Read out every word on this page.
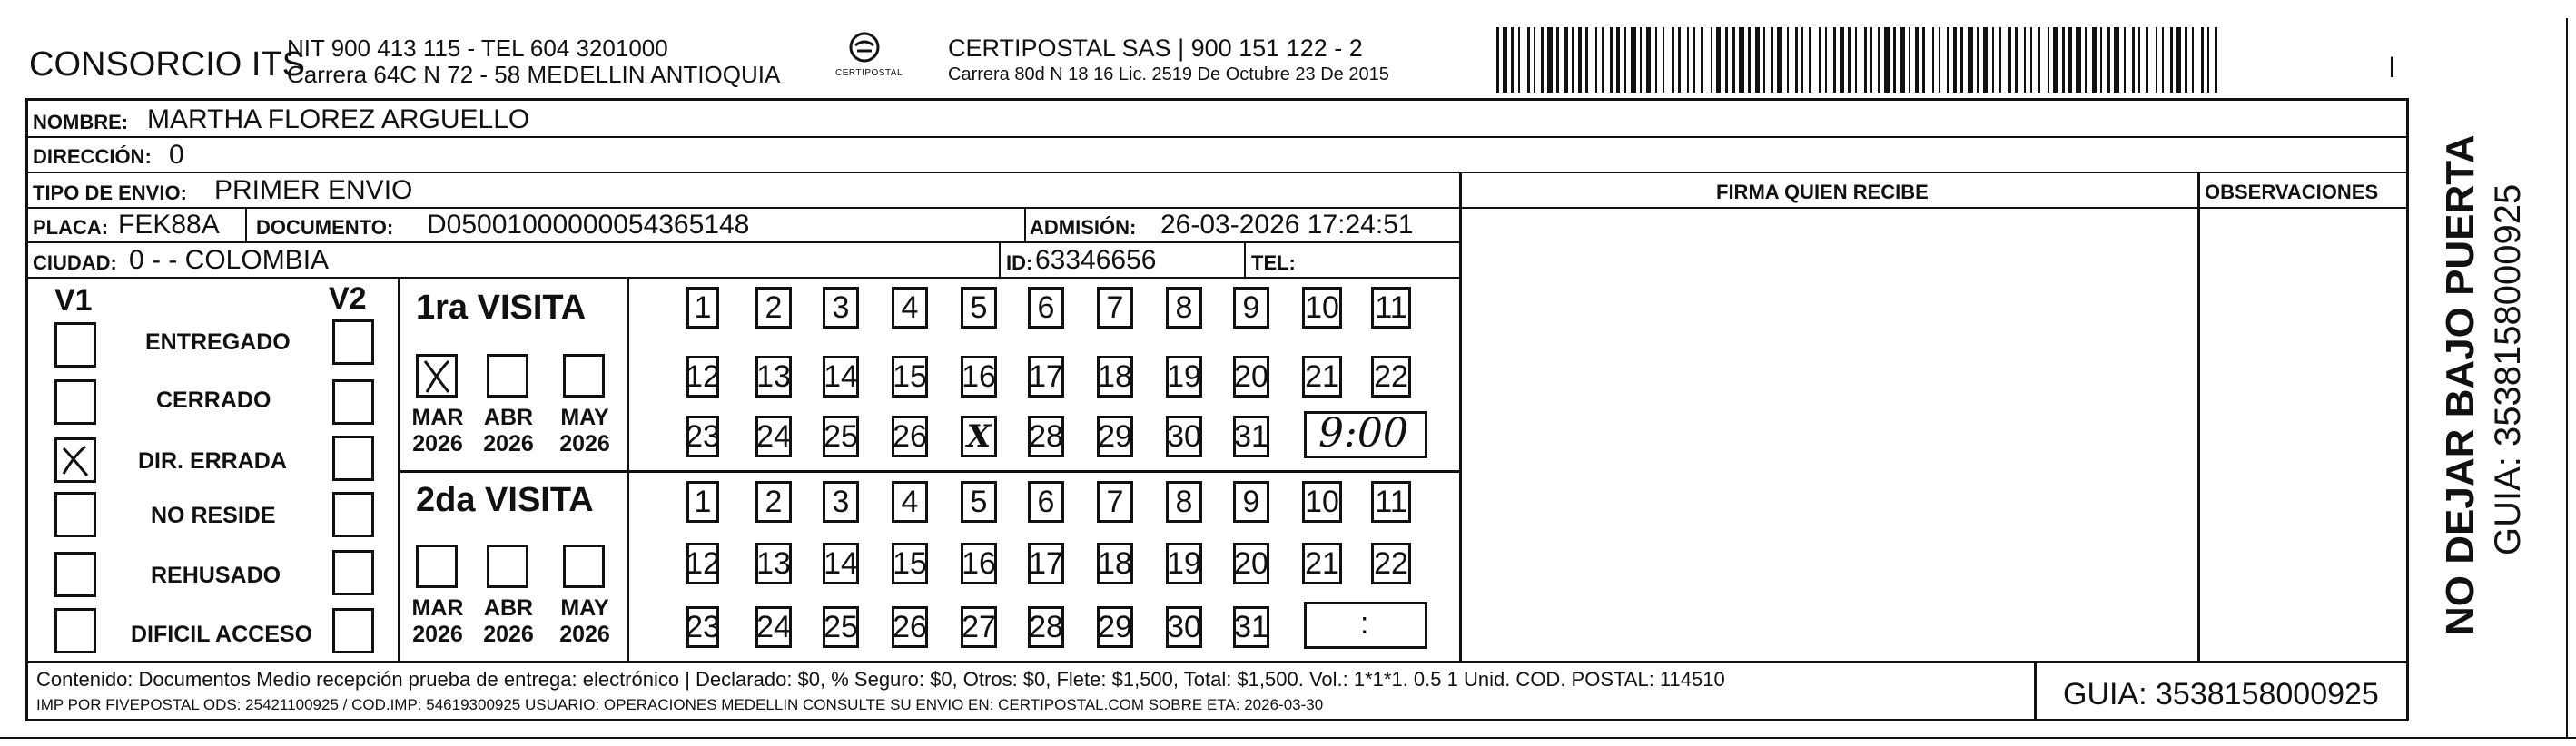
CONSORCIO ITS
NIT 900 413 115 - TEL 604 3201000
Carrera 64C N 72 - 58 MEDELLIN ANTIOQUIA	CERTIPOSTAL
CERTIPOSTAL SAS | 900 151 122 - 2
Carrera 80d N 18 16 Lic. 2519 De Octubre 23 De 2015	I
NOMBRE: MARTHA FLOREZ ARGUELLO
DIRECCIÓN: 0
TIPO DE ENVIO: PRIMER ENVIO	FIRMA QUIEN RECIBE	OBSERVACIONES
PLACA: FEK88A DOCUMENTO: D05001000000054365148	ADMISIÓN: 26-03-2026 17:24:51
CIUDAD: 0 - - COLOMBIA	ID: 63346656	TEL:
V1	V2
ENTREGADO
CERRADO
DIR. ERRADA
NO RESIDE
REHUSADO
DIFICIL ACCESO
1ra VISITA
MAR
2026
ABR
2026
MAY
2026
1	2	3	4	5	6	7	8	9	10 11
12 13 14 15 16 17 18 19 20 21 22
23 24 25 26 X 28 29 30 31 9:00
2da VISITA
MAR
2026
ABR
2026
MAY
2026
1	2	3	4	5	6	7	8	9	10 11
12 13 14 15 16 17 18 19 20 21 22
23 24 25 26 27 28 29 30 31	:
Contenido: Documentos Medio recepción prueba de entrega: electrónico | Declarado: $0, % Seguro: $0, Otros: $0, Flete: $1,500, Total: $1,500. Vol.: 1*1*1. 0.5 1 Unid. COD. POSTAL: 114510
IMP POR FIVEPOSTAL ODS: 25421100925 / COD.IMP: 54619300925 USUARIO: OPERACIONES MEDELLIN CONSULTE SU ENVIO EN: CERTIPOSTAL.COM SOBRE ETA: 2026-03-30	GUIA: 3538158000925
NO DEJAR BAJO PUERTA GUIA: 3538158000925
